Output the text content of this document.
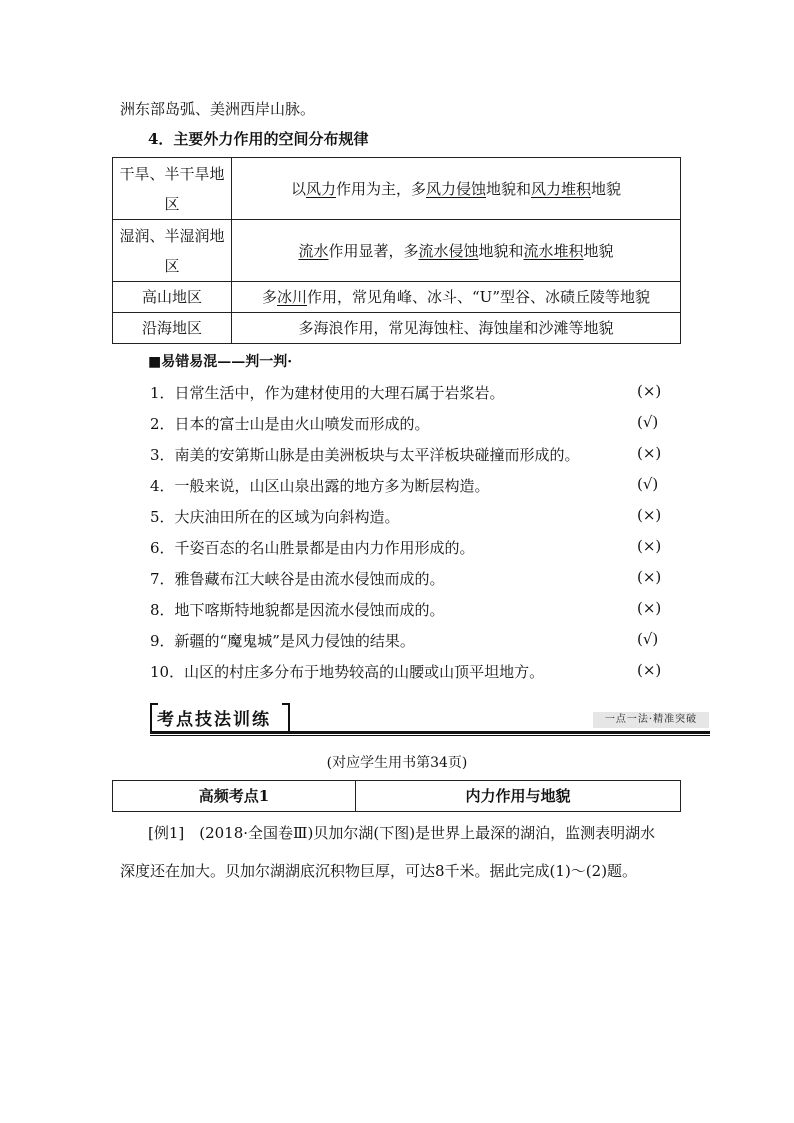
洲东部岛弧、美洲西岸山脉。
4．主要外力作用的空间分布规律
干旱、半干旱地区	以风力作用为主，多风力侵蚀地貌和风力堆积地貌
湿润、半湿润地区	流水作用显著，多流水侵蚀地貌和流水堆积地貌
高山地区	多冰川作用，常见角峰、冰斗、“U”型谷、冰碛丘陵等地貌
沿海地区	多海浪作用，常见海蚀柱、海蚀崖和沙滩等地貌
■易错易混——判一判·
1．日常生活中，作为建材使用的大理石属于岩浆岩。	(×)
2．日本的富士山是由火山喷发而形成的。	(√)
3．南美的安第斯山脉是由美洲板块与太平洋板块碰撞而形成的。	(×)
4．一般来说，山区山泉出露的地方多为断层构造。	(√)
5．大庆油田所在的区域为向斜构造。	(×)
6．千姿百态的名山胜景都是由内力作用形成的。	(×)
7．雅鲁藏布江大峡谷是由流水侵蚀而成的。	(×)
8．地下喀斯特地貌都是因流水侵蚀而成的。	(×)
9．新疆的“魔鬼城”是风力侵蚀的结果。	(√)
10．山区的村庄多分布于地势较高的山腰或山顶平坦地方。	(×)
考点技法训练	一点一法·精准突破
(对应学生用书第34页)
高频考点1	内力作用与地貌
[例1]　(2018·全国卷Ⅲ)贝加尔湖(下图)是世界上最深的湖泊，监测表明湖水
深度还在加大。贝加尔湖湖底沉积物巨厚，可达8千米。据此完成(1)～(2)题。
